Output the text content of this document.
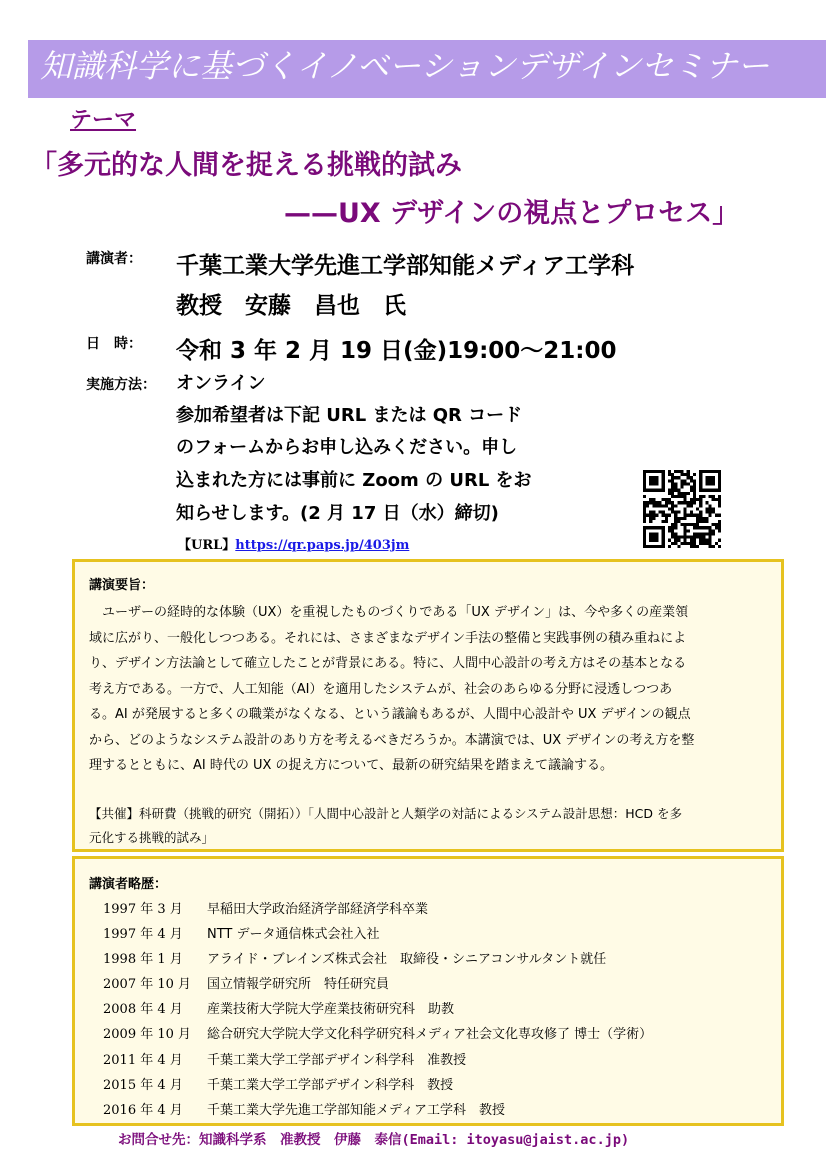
知識科学に基づくイノベーションデザインセミナー
テーマ
「多元的な人間を捉える挑戦的試み
——UX デザインの視点とプロセス」
講演者： 千葉工業大学先進工学部知能メディア工学科
教授　安藤　昌也　氏
日　時： 令和 3 年 2 月 19 日(金)19:00～21:00
実施方法： オンライン
参加希望者は下記 URL または QR コード
のフォームからお申し込みください。申し
込まれた方には事前に Zoom の URL をお
知らせします。(2 月 17 日（水）締切)
【URL】https://qr.paps.jp/403jm
講演要旨：

　ユーザーの経時的な体験（UX）を重視したものづくりである「UX デザイン」は、今や多くの産業領

域に広がり、一般化しつつある。それには、さまざまなデザイン手法の整備と実践事例の積み重ねによ

り、デザイン方法論として確立したことが背景にある。特に、人間中心設計の考え方はその基本となる

考え方である。一方で、人工知能（AI）を適用したシステムが、社会のあらゆる分野に浸透しつつあ

る。AI が発展すると多くの職業がなくなる、という議論もあるが、人間中心設計や UX デザインの観点

から、どのようなシステム設計のあり方を考えるべきだろうか。本講演では、UX デザインの考え方を整

理するとともに、AI 時代の UX の捉え方について、最新の研究結果を踏まえて議論する。

【共催】科研費（挑戦的研究（開拓））「人間中心設計と人類学の対話によるシステム設計思想：HCD を多
元化する挑戦的試み」
講演者略歴：
1997 年 3 月 早稲田大学政治経済学部経済学科卒業
1997 年 4 月 NTT データ通信株式会社入社
1998 年 1 月 アライド・ブレインズ株式会社　取締役・シニアコンサルタント就任
2007 年 10 月 国立情報学研究所　特任研究員
2008 年 4 月 産業技術大学院大学産業技術研究科　助教
2009 年 10 月 総合研究大学院大学文化科学研究科メディア社会文化専攻修了 博士（学術）
2011 年 4 月 千葉工業大学工学部デザイン科学科　准教授
2015 年 4 月 千葉工業大学工学部デザイン科学科　教授
2016 年 4 月 千葉工業大学先進工学部知能メディア工学科　教授
お問合せ先：知識科学系　准教授　伊藤　泰信(Email: itoyasu@jaist.ac.jp)
